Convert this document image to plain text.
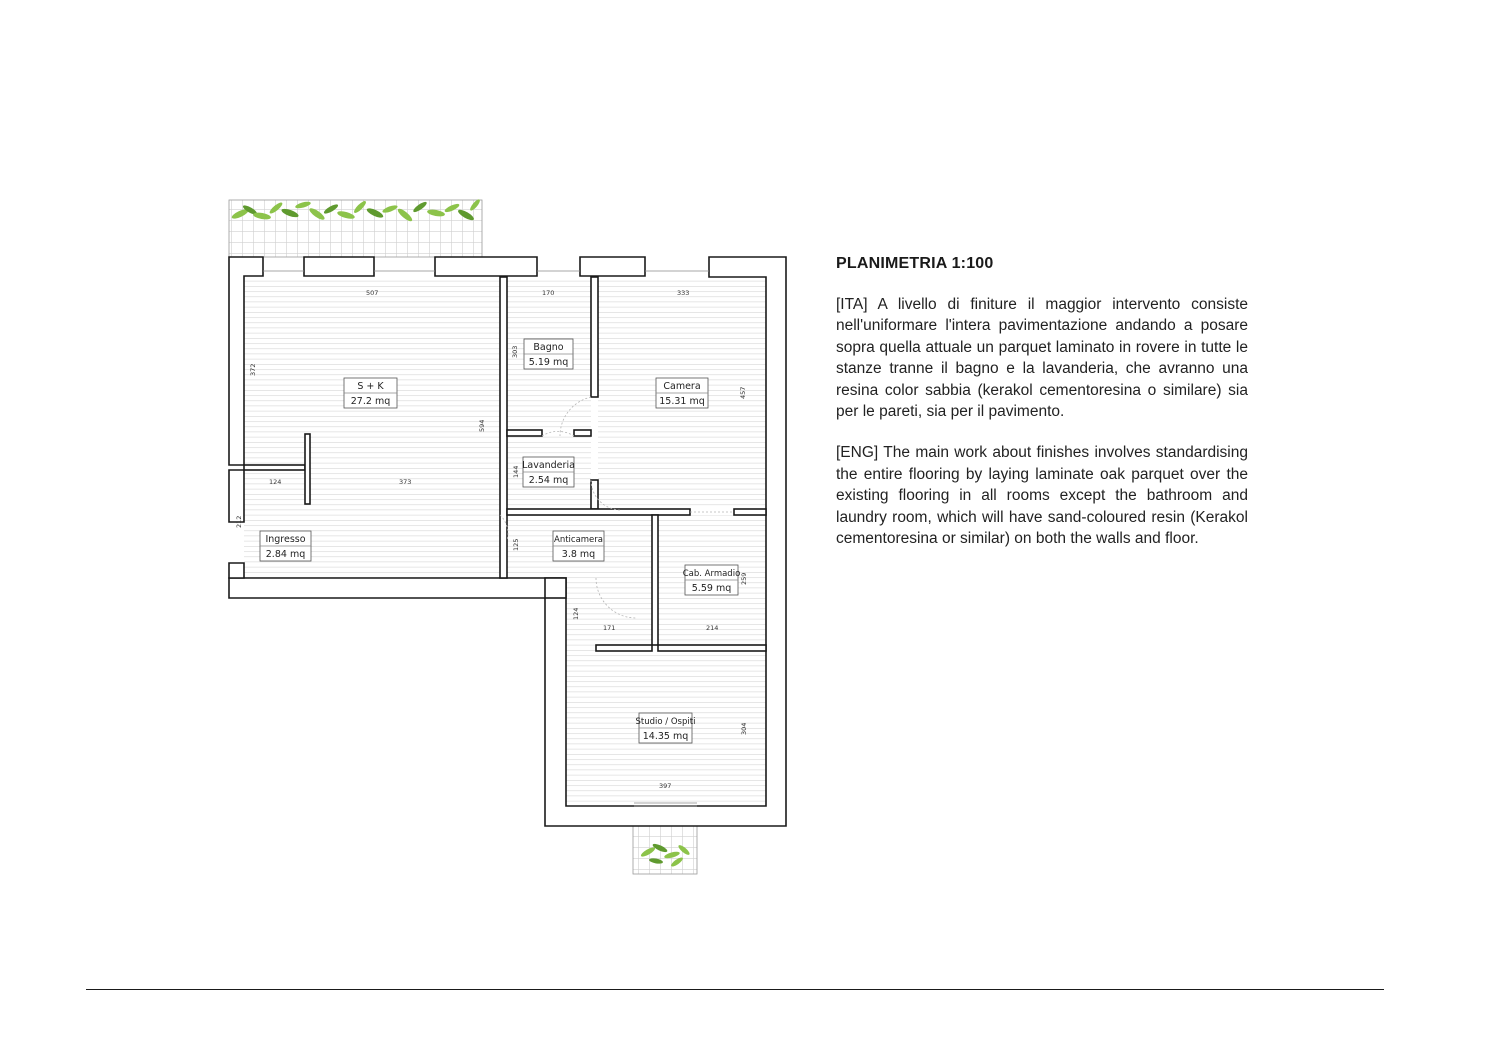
507	170	333
372
303
594
457
124	373
144
212
125
124
171	214
259
304
397
S + K
27.2 mq
Bagno
5.19 mq
Camera
15.31 mq
Lavanderia
2.54 mq
Ingresso
2.84 mq
Anticamera
3.8 mq
Cab. Armadio
5.59 mq
Studio / Ospiti
14.35 mq
PLANIMETRIA 1:100

[ITA] A livello di finiture il maggior intervento consiste nell'uniformare l'intera pavimentazione andando a posare sopra quella attuale un parquet laminato in rovere in tutte le stanze tranne il bagno e la lavanderia, che avranno una resina color sabbia (kerakol cementoresina o similare) sia per le pareti, sia per il pavimento.

[ENG] The main work about finishes involves standardising the entire flooring by laying laminate oak parquet over the existing flooring in all rooms except the bathroom and laundry room, which will have sand-coloured resin (Kerakol cementoresina or similar) on both the walls and floor.
